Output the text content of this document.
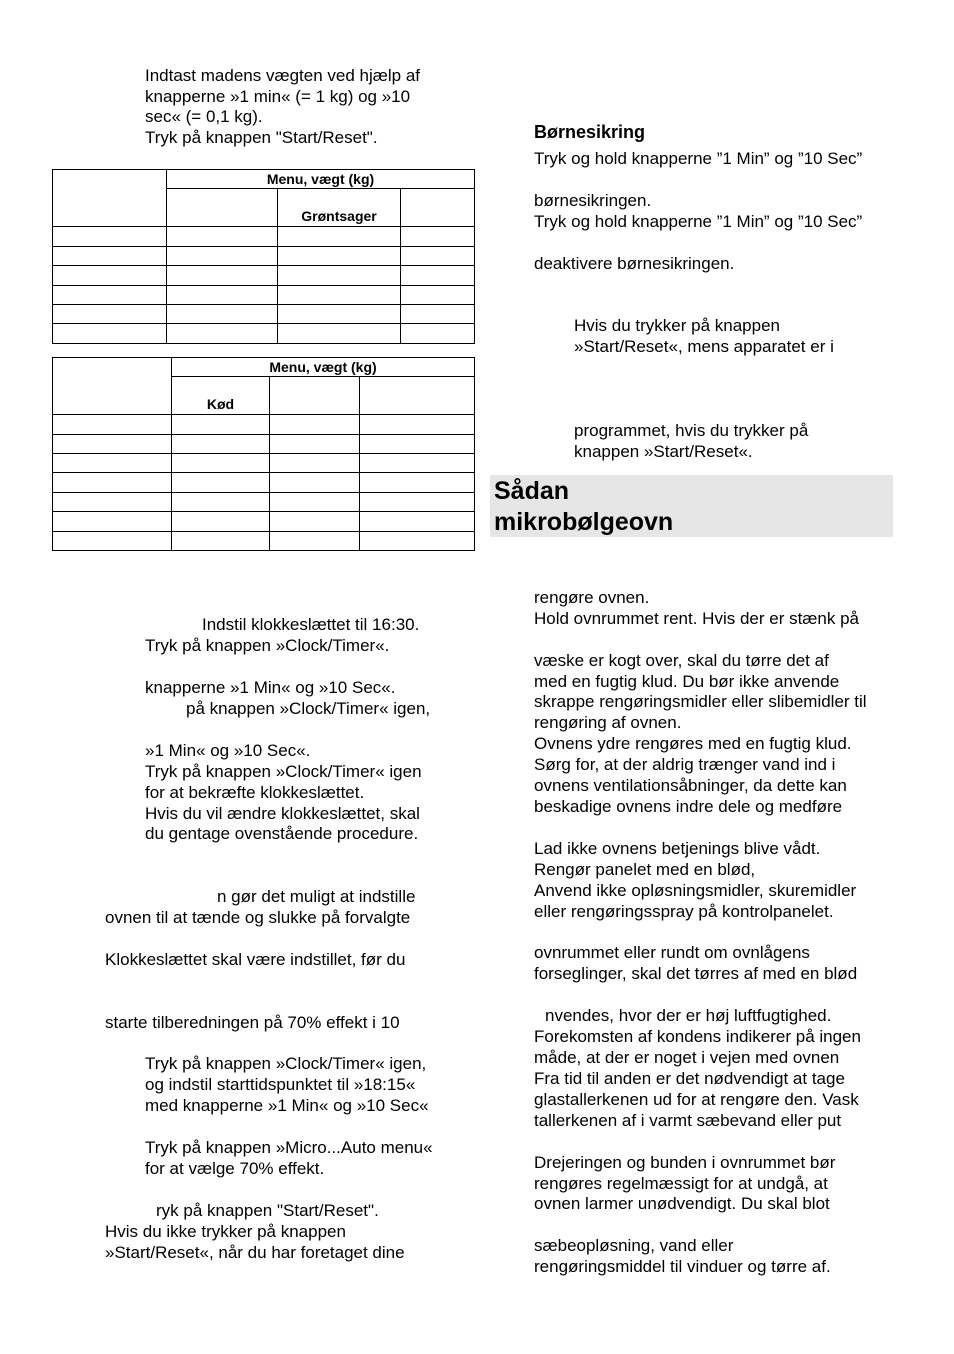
Indtast madens vægten ved hjælp af
knapperne »1 min« (= 1 kg) og »10
sec« (= 0,1 kg).
Tryk på knappen "Start/Reset".
	Menu, vægt (kg)		
		Grøntsager	

	Menu, vægt (kg)		
	Kød		

Indstil klokkeslættet til 16:30.
Tryk på knappen »Clock/Timer«.
knapperne »1 Min« og »10 Sec«.
på knappen »Clock/Timer« igen,
»1 Min« og »10 Sec«.
Tryk på knappen »Clock/Timer« igen
for at bekræfte klokkeslættet.
Hvis du vil ændre klokkeslættet, skal
du gentage ovenstående procedure.
n gør det muligt at indstille
ovnen til at tænde og slukke på forvalgte
Klokkeslættet skal være indstillet, før du
starte tilberedningen på 70% effekt i 10
Tryk på knappen »Clock/Timer« igen,
og indstil starttidspunktet til »18:15«
med knapperne »1 Min« og »10 Sec«
Tryk på knappen »Micro...Auto menu«
for at vælge 70% effekt.
ryk på knappen "Start/Reset".
Hvis du ikke trykker på knappen
»Start/Reset«, når du har foretaget dine
Børnesikring
Tryk og hold knapperne ”1 Min” og ”10 Sec”
børnesikringen.
Tryk og hold knapperne ”1 Min” og ”10 Sec”
deaktivere børnesikringen.
Hvis du trykker på knappen
»Start/Reset«, mens apparatet er i
programmet, hvis du trykker på
knappen »Start/Reset«.
Sådan
mikrobølgeovn
rengøre ovnen.
Hold ovnrummet rent. Hvis der er stænk på
væske er kogt over, skal du tørre det af
med en fugtig klud. Du bør ikke anvende
skrappe rengøringsmidler eller slibemidler til
rengøring af ovnen.
Ovnens ydre rengøres med en fugtig klud.
Sørg for, at der aldrig trænger vand ind i
ovnens ventilationsåbninger, da dette kan
beskadige ovnens indre dele og medføre
Lad ikke ovnens betjenings blive vådt.
Rengør panelet med en blød,
Anvend ikke opløsningsmidler, skuremidler
eller rengøringsspray på kontrolpanelet.
ovnrummet eller rundt om ovnlågens
forseglinger, skal det tørres af med en blød
nvendes, hvor der er høj luftfugtighed.
Forekomsten af kondens indikerer på ingen
måde, at der er noget i vejen med ovnen
Fra tid til anden er det nødvendigt at tage
glastallerkenen ud for at rengøre den. Vask
tallerkenen af i varmt sæbevand eller put
Drejeringen og bunden i ovnrummet bør
rengøres regelmæssigt for at undgå, at
ovnen larmer unødvendigt. Du skal blot
sæbeopløsning, vand eller
rengøringsmiddel til vinduer og tørre af.
